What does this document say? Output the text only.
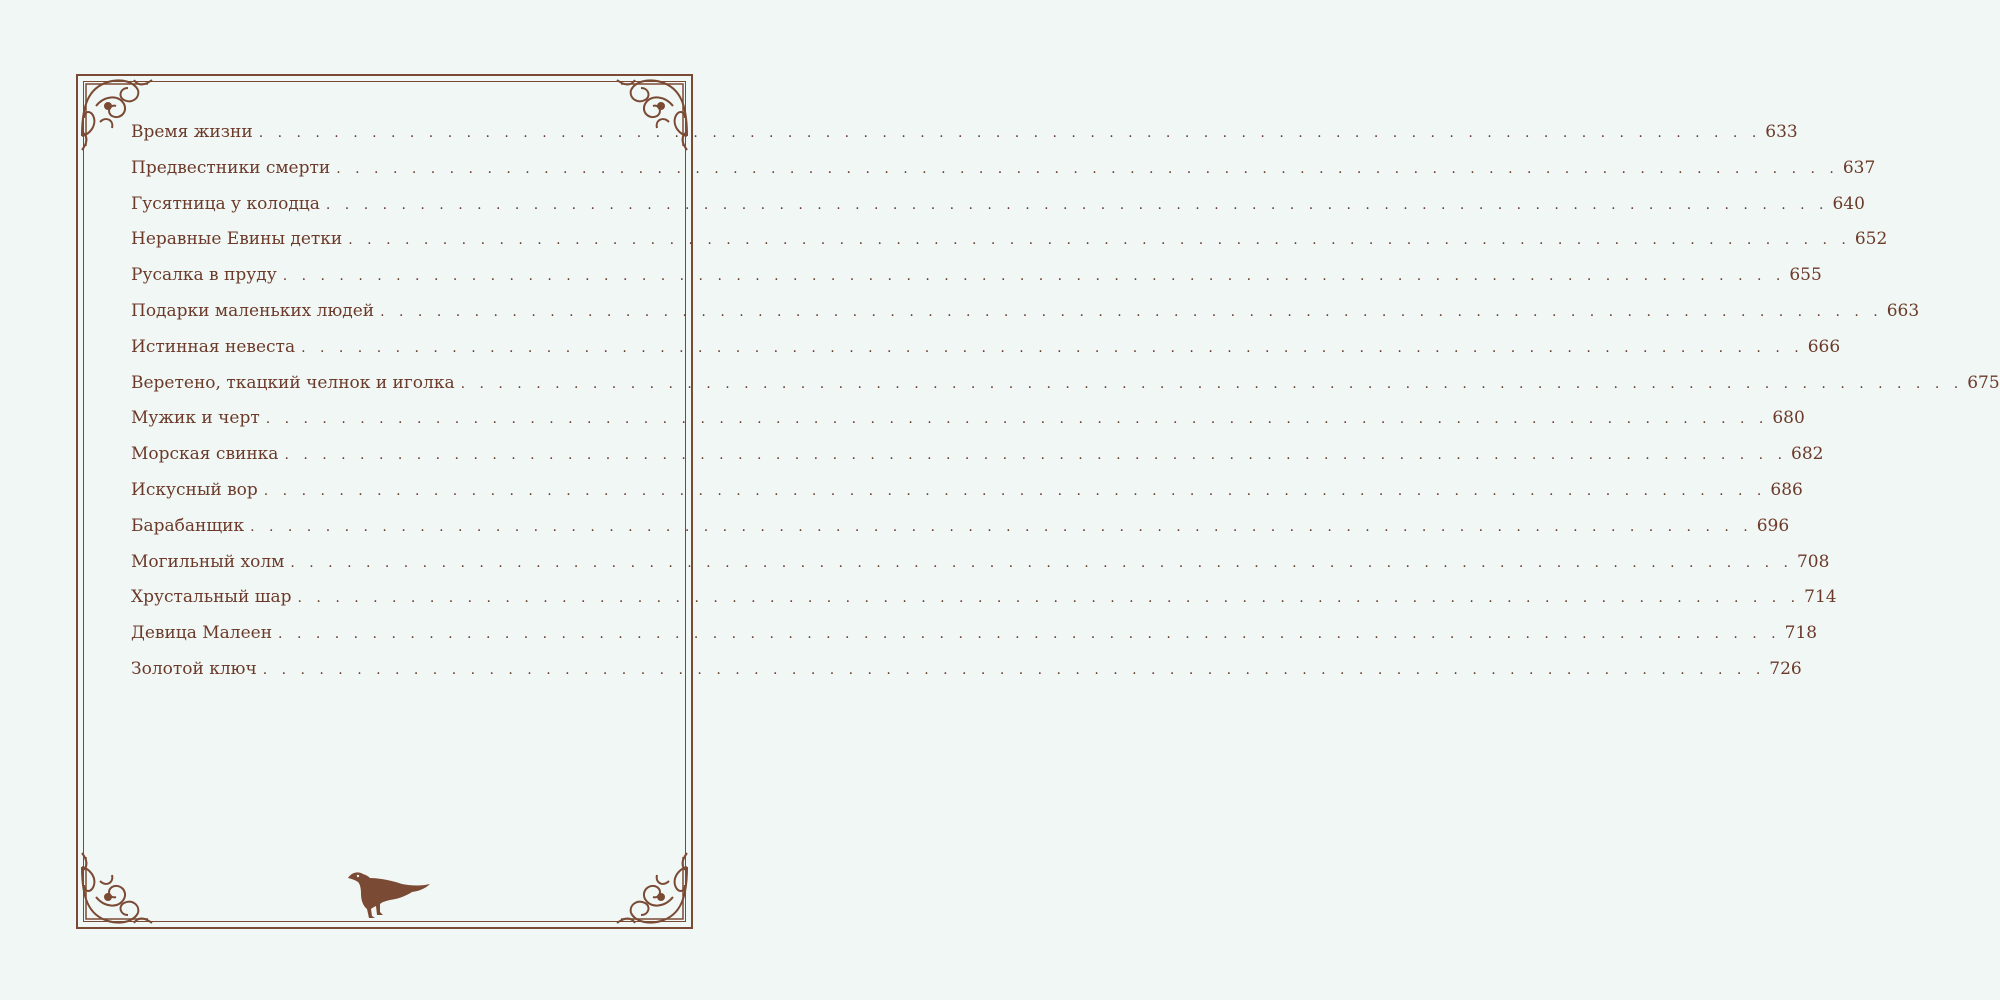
Время жизни . . . . . . . . . . . . . . . . . . . . . . . . . . . . . . . . . . . . . . . . . . . . . . . . . . . . . . . . . . . . . . . . . . . . . . . . . . . . . . . . 633
Предвестники смерти . . . . . . . . . . . . . . . . . . . . . . . . . . . . . . . . . . . . . . . . . . . . . . . . . . . . . . . . . . . . . . . . . . . . . . . . . . . . . . . . 637
Гусятница у колодца . . . . . . . . . . . . . . . . . . . . . . . . . . . . . . . . . . . . . . . . . . . . . . . . . . . . . . . . . . . . . . . . . . . . . . . . . . . . . . . . 640
Неравные Евины детки . . . . . . . . . . . . . . . . . . . . . . . . . . . . . . . . . . . . . . . . . . . . . . . . . . . . . . . . . . . . . . . . . . . . . . . . . . . . . . . . 652
Русалка в пруду . . . . . . . . . . . . . . . . . . . . . . . . . . . . . . . . . . . . . . . . . . . . . . . . . . . . . . . . . . . . . . . . . . . . . . . . . . . . . . . . 655
Подарки маленьких людей . . . . . . . . . . . . . . . . . . . . . . . . . . . . . . . . . . . . . . . . . . . . . . . . . . . . . . . . . . . . . . . . . . . . . . . . . . . . . . . . 663
Истинная невеста . . . . . . . . . . . . . . . . . . . . . . . . . . . . . . . . . . . . . . . . . . . . . . . . . . . . . . . . . . . . . . . . . . . . . . . . . . . . . . . . 666
Веретено, ткацкий челнок и иголка . . . . . . . . . . . . . . . . . . . . . . . . . . . . . . . . . . . . . . . . . . . . . . . . . . . . . . . . . . . . . . . . . . . . . . . . . . . . . . . . 675
Мужик и черт . . . . . . . . . . . . . . . . . . . . . . . . . . . . . . . . . . . . . . . . . . . . . . . . . . . . . . . . . . . . . . . . . . . . . . . . . . . . . . . . 680
Морская свинка . . . . . . . . . . . . . . . . . . . . . . . . . . . . . . . . . . . . . . . . . . . . . . . . . . . . . . . . . . . . . . . . . . . . . . . . . . . . . . . . 682
Искусный вор . . . . . . . . . . . . . . . . . . . . . . . . . . . . . . . . . . . . . . . . . . . . . . . . . . . . . . . . . . . . . . . . . . . . . . . . . . . . . . . . 686
Барабанщик . . . . . . . . . . . . . . . . . . . . . . . . . . . . . . . . . . . . . . . . . . . . . . . . . . . . . . . . . . . . . . . . . . . . . . . . . . . . . . . . 696
Могильный холм . . . . . . . . . . . . . . . . . . . . . . . . . . . . . . . . . . . . . . . . . . . . . . . . . . . . . . . . . . . . . . . . . . . . . . . . . . . . . . . . 708
Хрустальный шар . . . . . . . . . . . . . . . . . . . . . . . . . . . . . . . . . . . . . . . . . . . . . . . . . . . . . . . . . . . . . . . . . . . . . . . . . . . . . . . . 714
Девица Малеен . . . . . . . . . . . . . . . . . . . . . . . . . . . . . . . . . . . . . . . . . . . . . . . . . . . . . . . . . . . . . . . . . . . . . . . . . . . . . . . . 718
Золотой ключ . . . . . . . . . . . . . . . . . . . . . . . . . . . . . . . . . . . . . . . . . . . . . . . . . . . . . . . . . . . . . . . . . . . . . . . . . . . . . . . . 726
